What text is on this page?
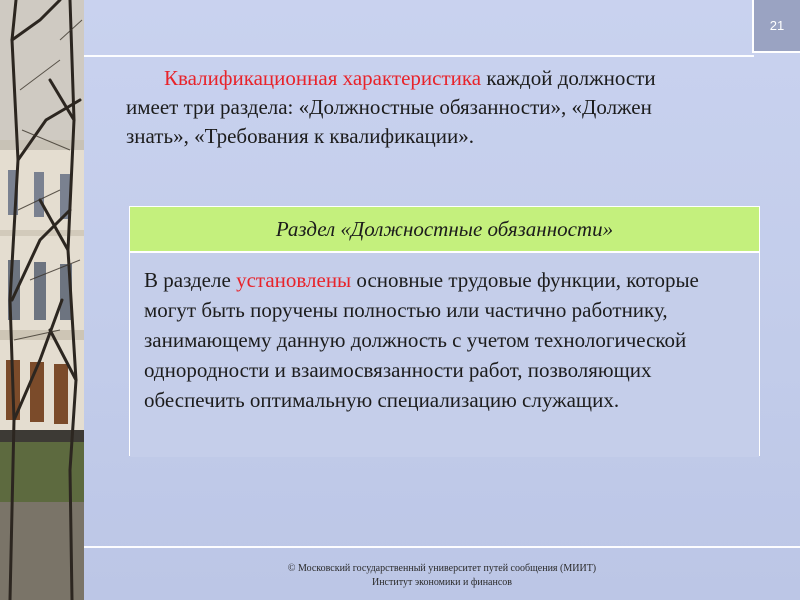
21
Квалификационная характеристика каждой должности имеет три раздела: «Должностные обязанности», «Должен знать», «Требования к квалификации».
Раздел «Должностные обязанности»
В разделе установлены основные трудовые функции, которые могут быть поручены полностью или частично работнику, занимающему данную должность с учетом технологической однородности и взаимосвязанности работ, позволяющих обеспечить оптимальную специализацию служащих.
© Московский государственный университет путей сообщения (МИИТ)
Институт экономики и финансов
